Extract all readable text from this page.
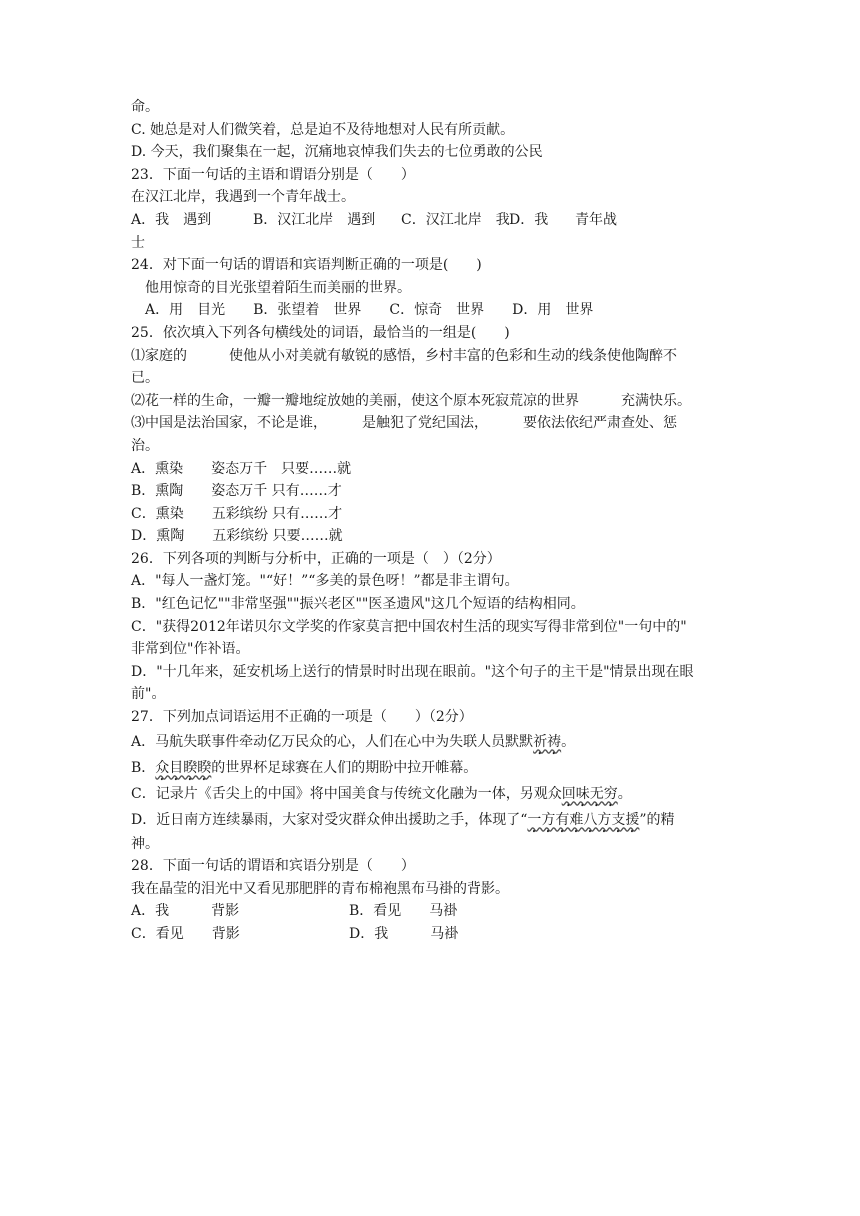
命。
C. 她总是对人们微笑着，总是迫不及待地想对人民有所贡献。
D. 今天，我们聚集在一起，沉痛地哀悼我们失去的七位勇敢的公民
23．下面一句话的主语和谓语分别是（　　）
在汉江北岸，我遇到一个青年战士。
A．我　遇到	B．汉江北岸　遇到	C．汉江北岸　我 D．我	青年战
士
24．对下面一句话的谓语和宾语判断正确的一项是(　　)
　他用惊奇的目光张望着陌生而美丽的世界。
　A．用　目光　　B．张望着　世界　　C．惊奇　世界　　D．用　世界
25．依次填入下列各句横线处的词语，最恰当的一组是(　　)
⑴家庭的　　　使他从小对美就有敏锐的感悟，乡村丰富的色彩和生动的线条使他陶醉不
已。
⑵花一样的生命，一瓣一瓣地绽放她的美丽，使这个原本死寂荒凉的世界　　　充满快乐。
⑶中国是法治国家，不论是谁，　　　是触犯了党纪国法，　　　要依法依纪严肃查处、惩
治。
A．熏染　　姿态万千　只要……就
B．熏陶　　姿态万千 只有……才
C．熏染　　五彩缤纷 只有……才
D．熏陶　　五彩缤纷 只要……就
26．下列各项的判断与分析中，正确的一项是（　）（2分）
A．"每人一盏灯笼。"“好！”“多美的景色呀！”都是非主谓句。
B．"红色记忆""非常坚强""振兴老区""医圣遗风"这几个短语的结构相同。
C．"获得2012年诺贝尔文学奖的作家莫言把中国农村生活的现实写得非常到位"一句中的"
非常到位"作补语。
D．"十几年来，延安机场上送行的情景时时出现在眼前。"这个句子的主干是"情景出现在眼
前"。
27．下列加点词语运用不正确的一项是（　　）（2分）
A．马航失联事件牵动亿万民众的心，人们在心中为失联人员默默祈祷。
B．众目睽睽的世界杯足球赛在人们的期盼中拉开帷幕。
C．记录片《舌尖上的中国》将中国美食与传统文化融为一体，另观众回味无穷。
D．近日南方连续暴雨，大家对受灾群众伸出援助之手，体现了“一方有难八方支援”的精
神。
28．下面一句话的谓语和宾语分别是（　　）
我在晶莹的泪光中又看见那肥胖的青布棉袍黑布马褂的背影。
A．我　　　背影	B．看见　　马褂
C．看见　　背影	D．我　　　马褂
